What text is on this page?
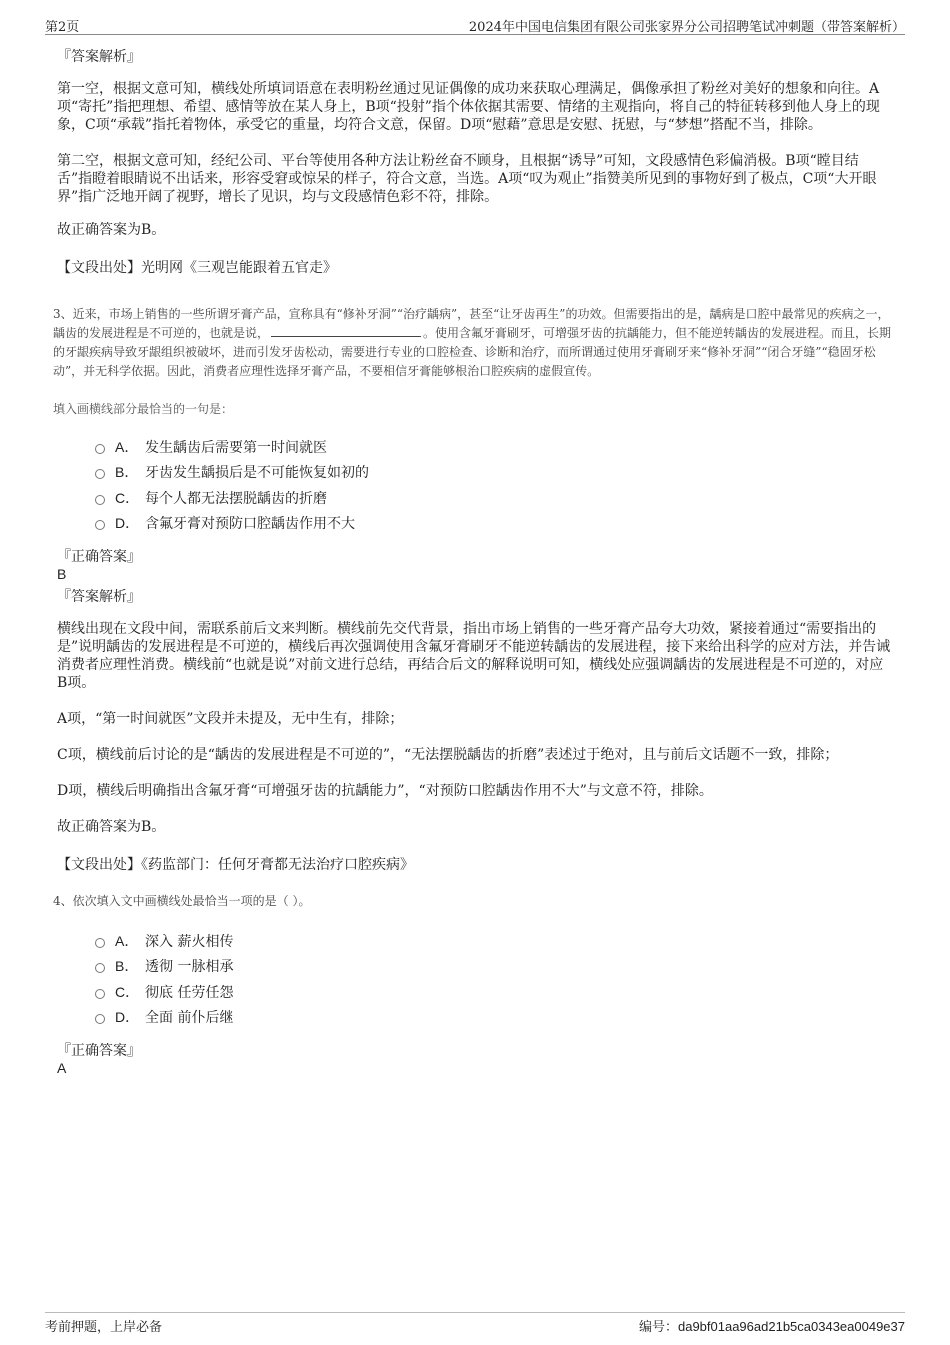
第2页	2024年中国电信集团有限公司张家界分公司招聘笔试冲刺题（带答案解析）
『答案解析』

第一空，根据文意可知，横线处所填词语意在表明粉丝通过见证偶像的成功来获取心理满足，偶像承担了粉丝对美好的想象和向往。A项“寄托”指把理想、希望、感情等放在某人身上，B项“投射”指个体依据其需要、情绪的主观指向，将自己的特征转移到他人身上的现象，C项“承载”指托着物体，承受它的重量，均符合文意，保留。D项“慰藉”意思是安慰、抚慰，与“梦想”搭配不当，排除。

第二空，根据文意可知，经纪公司、平台等使用各种方法让粉丝奋不顾身，且根据“诱导”可知，文段感情色彩偏消极。B项“瞠目结舌”指瞪着眼睛说不出话来，形容受窘或惊呆的样子，符合文意，当选。A项“叹为观止”指赞美所见到的事物好到了极点，C项“大开眼界”指广泛地开阔了视野，增长了见识，均与文段感情色彩不符，排除。

故正确答案为B。

【文段出处】光明网《三观岂能跟着五官走》
3、近来，市场上销售的一些所谓牙膏产品，宣称具有“修补牙洞”“治疗龋病”，甚至“让牙齿再生”的功效。但需要指出的是，龋病是口腔中最常见的疾病之一，龋齿的发展进程是不可逆的，也就是说，	。使用含氟牙膏刷牙，可增强牙齿的抗龋能力，但不能逆转龋齿的发展进程。而且，长期的牙龈疾病导致牙龈组织被破坏，进而引发牙齿松动，需要进行专业的口腔检查、诊断和治疗，而所谓通过使用牙膏刷牙来“修补牙洞”“闭合牙缝”“稳固牙松动”，并无科学依据。因此，消费者应理性选择牙膏产品，不要相信牙膏能够根治口腔疾病的虚假宣传。
填入画横线部分最恰当的一句是：
A． 发生龋齿后需要第一时间就医
B． 牙齿发生龋损后是不可能恢复如初的
C． 每个人都无法摆脱龋齿的折磨
D． 含氟牙膏对预防口腔龋齿作用不大
『正确答案』
B
『答案解析』

横线出现在文段中间，需联系前后文来判断。横线前先交代背景，指出市场上销售的一些牙膏产品夸大功效，紧接着通过“需要指出的是”说明龋齿的发展进程是不可逆的，横线后再次强调使用含氟牙膏刷牙不能逆转龋齿的发展进程，接下来给出科学的应对方法，并告诫消费者应理性消费。横线前“也就是说”对前文进行总结，再结合后文的解释说明可知，横线处应强调龋齿的发展进程是不可逆的，对应B项。

A项，“第一时间就医”文段并未提及，无中生有，排除；

C项，横线前后讨论的是“龋齿的发展进程是不可逆的”，“无法摆脱龋齿的折磨”表述过于绝对，且与前后文话题不一致，排除；

D项，横线后明确指出含氟牙膏“可增强牙齿的抗龋能力”，“对预防口腔龋齿作用不大”与文意不符，排除。

故正确答案为B。

【文段出处】《药监部门：任何牙膏都无法治疗口腔疾病》
4、依次填入文中画横线处最恰当一项的是（ ）。
A． 深入 薪火相传
B． 透彻 一脉相承
C． 彻底 任劳任怨
D． 全面 前仆后继
『正确答案』
A
考前押题，上岸必备	编号：da9bf01aa96ad21b5ca0343ea0049e37
